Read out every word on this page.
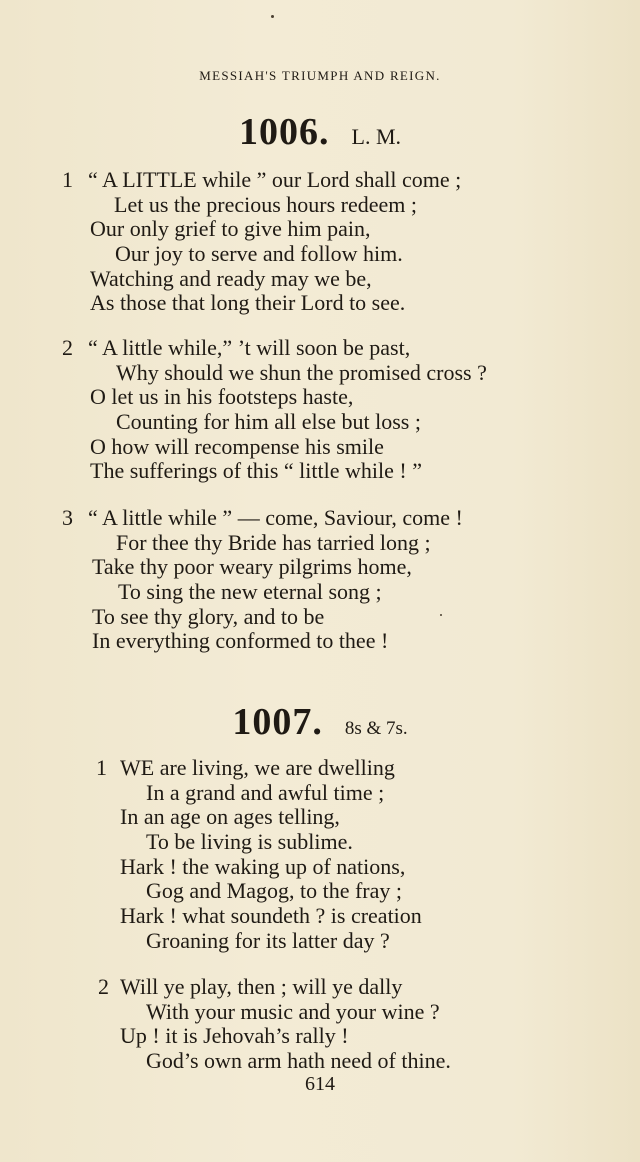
MESSIAH'S TRIUMPH AND REIGN.
1006. L. M.
1 “ A LITTLE while ” our Lord shall come ;
Let us the precious hours redeem ;
Our only grief to give him pain,
Our joy to serve and follow him.
Watching and ready may we be,
As those that long their Lord to see.
2 “ A little while,” ’t will soon be past,
Why should we shun the promised cross ?
O let us in his footsteps haste,
Counting for him all else but loss ;
O how will recompense his smile
The sufferings of this “ little while ! ”
3 “ A little while ” — come, Saviour, come !
For thee thy Bride has tarried long ;
Take thy poor weary pilgrims home,
To sing the new eternal song ;
To see thy glory, and to be
In everything conformed to thee !
1007. 8s & 7s.
1 WE are living, we are dwelling
In a grand and awful time ;
In an age on ages telling,
To be living is sublime.
Hark ! the waking up of nations,
Gog and Magog, to the fray ;
Hark ! what soundeth ? is creation
Groaning for its latter day ?
2 Will ye play, then ; will ye dally
With your music and your wine ?
Up ! it is Jehovah’s rally !
God’s own arm hath need of thine.
614
